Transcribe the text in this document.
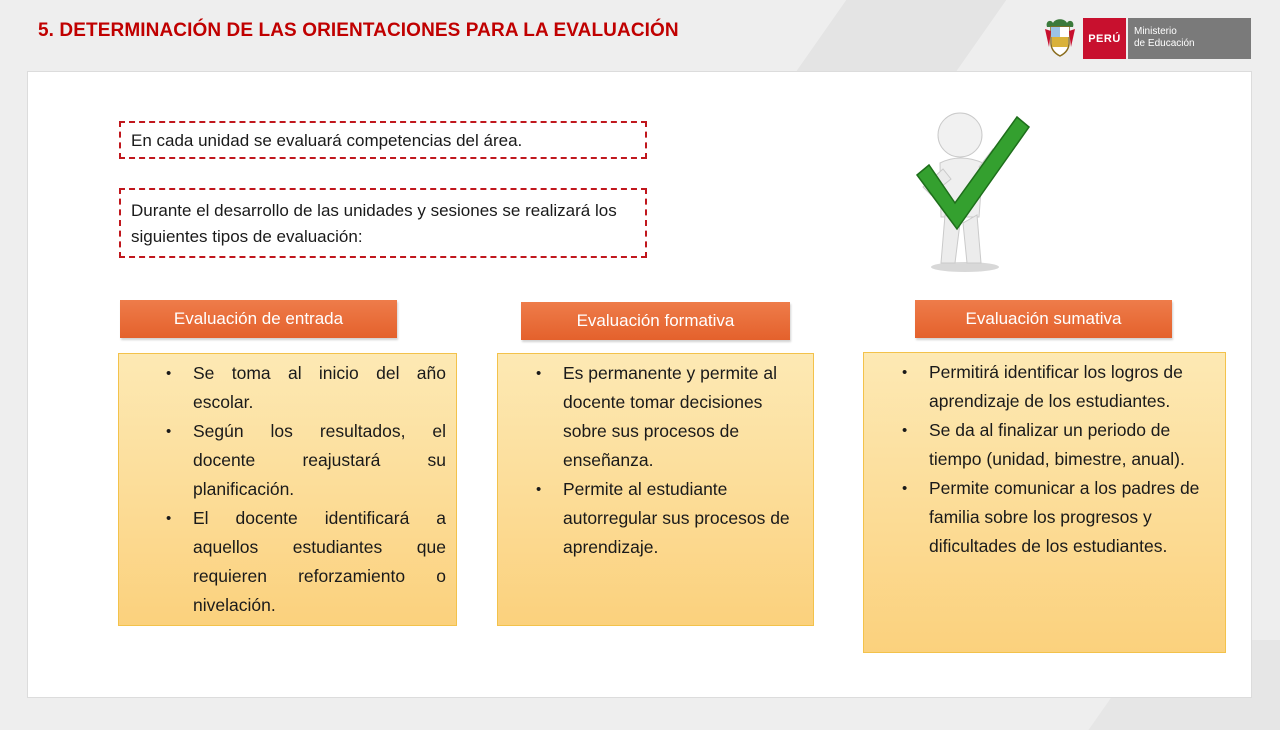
5. DETERMINACIÓN DE LAS ORIENTACIONES PARA LA EVALUACIÓN	PERÚ
Ministerio
de Educación
En cada unidad se evaluará competencias del área.
Durante el desarrollo de las unidades y sesiones se realizará los siguientes tipos de evaluación:
Evaluación de entrada	Evaluación formativa	Evaluación sumativa
• Se toma al inicio del año escolar.
• Según los resultados, el docente reajustará su planificación.
• El docente identificará a aquellos estudiantes que requieren reforzamiento o nivelación.
• Es permanente y permite al docente tomar decisiones sobre sus procesos de enseñanza.
• Permite al estudiante autorregular sus procesos de aprendizaje.
• Permitirá identificar los logros de aprendizaje de los estudiantes.
• Se da al finalizar un periodo de tiempo (unidad, bimestre, anual).
• Permite comunicar a los padres de familia sobre los progresos y dificultades de los estudiantes.
